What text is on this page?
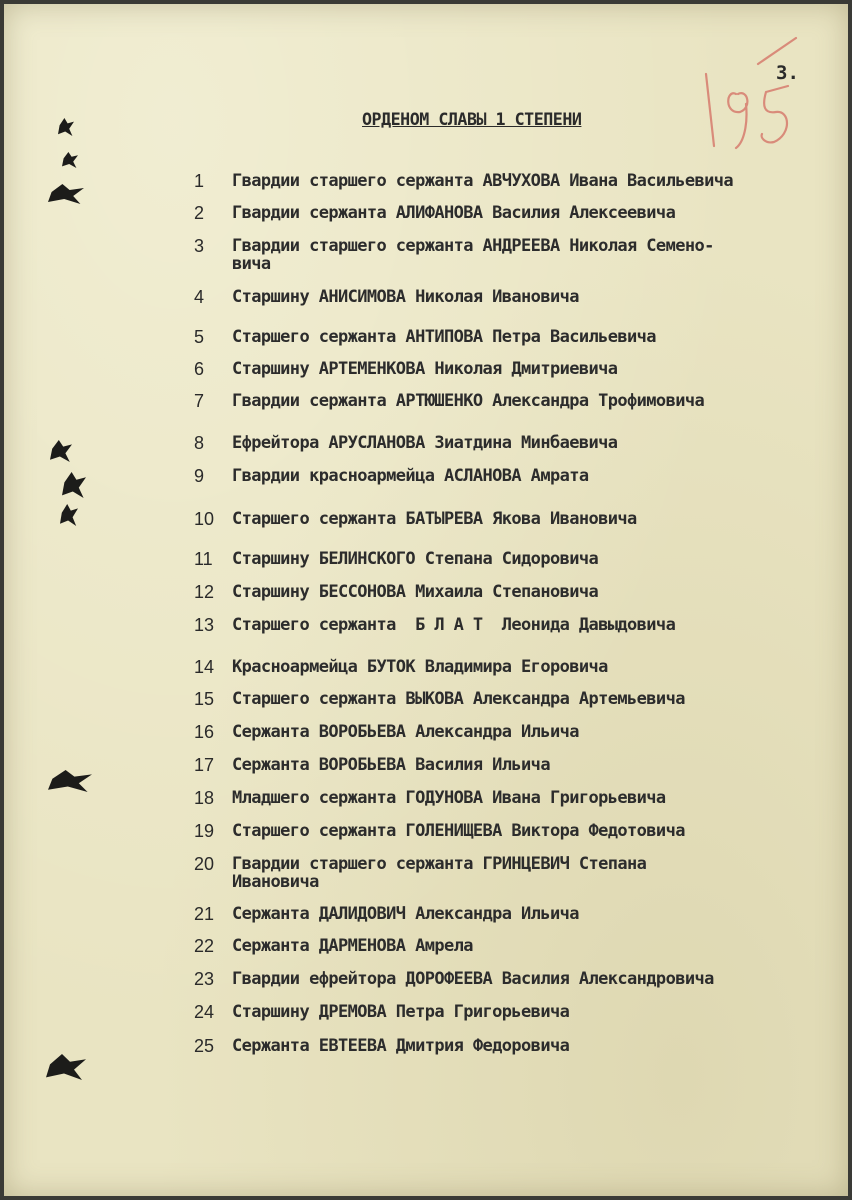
3.
ОРДЕНОМ СЛАВЫ 1 СТЕПЕНИ
1	Гвардии старшего сержанта АВЧУХОВА Ивана Васильевича
2	Гвардии сержанта АЛИФАНОВА Василия Алексеевича
3	Гвардии старшего сержанта АНДРЕЕВА Николая Семено-
вича
4	Старшину АНИСИМОВА Николая Ивановича
5	Старшего сержанта АНТИПОВА Петра Васильевича
6	Старшину АРТЕМЕНКОВА Николая Дмитриевича
7	Гвардии сержанта АРТЮШЕНКО Александра Трофимовича
8	Ефрейтора АРУСЛАНОВА Зиатдина Минбаевича
9	Гвардии красноармейца АСЛАНОВА Амрата
10	Старшего сержанта БАТЫРЕВА Якова Ивановича
11	Старшину БЕЛИНСКОГО Степана Сидоровича
12	Старшину БЕССОНОВА Михаила Степановича
13	Старшего сержанта  Б Л А Т  Леонида Давыдовича
14	Красноармейца БУТОК Владимира Егоровича
15	Старшего сержанта ВЫКОВА Александра Артемьевича
16	Сержанта ВОРОБЬЕВА Александра Ильича
17	Сержанта ВОРОБЬЕВА Василия Ильича
18	Младшего сержанта ГОДУНОВА Ивана Григорьевича
19	Старшего сержанта ГОЛЕНИЩЕВА Виктора Федотовича
20	Гвардии старшего сержанта ГРИНЦЕВИЧ Степана
Ивановича
21	Сержанта ДАЛИДОВИЧ Александра Ильича
22	Сержанта ДАРМЕНОВА Амрела
23	Гвардии ефрейтора ДОРОФЕЕВА Василия Александровича
24	Старшину ДРЕМОВА Петра Григорьевича
25	Сержанта ЕВТЕЕВА Дмитрия Федоровича
